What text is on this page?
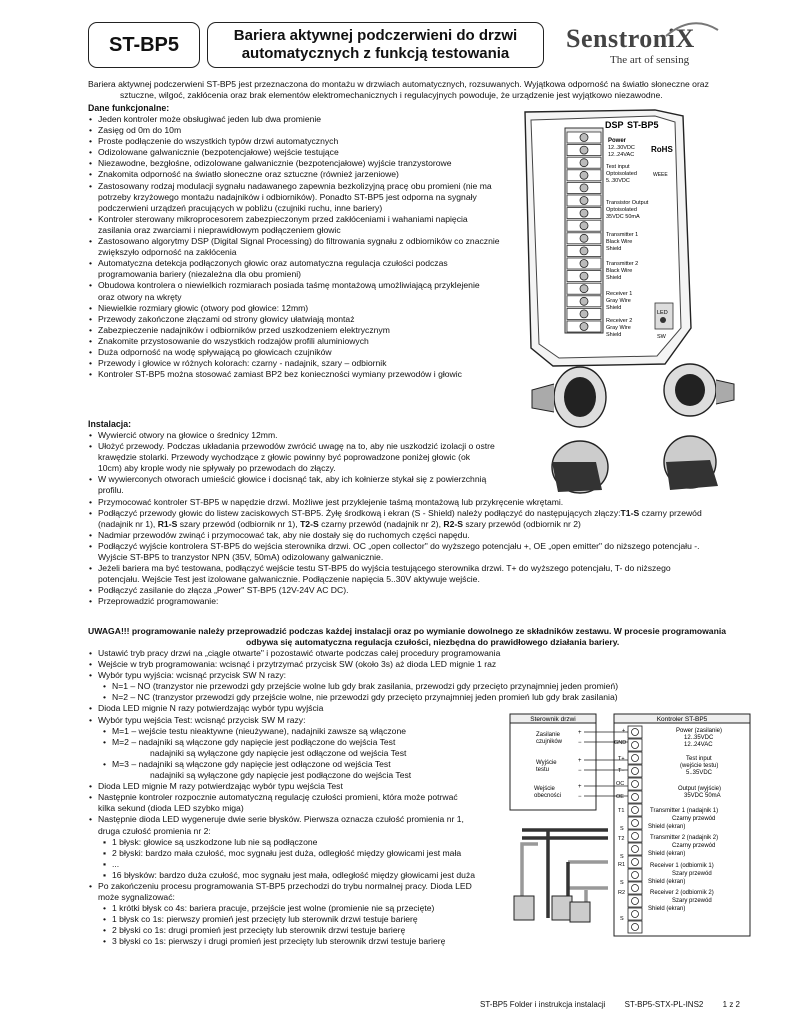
ST-BP5	Bariera aktywnej podczerwieni do drzwi
automatycznych z funkcją testowania
SenstroniX
The art of sensing
Bariera aktywnej podczerwieni ST-BP5 jest przeznaczona do montażu w drzwiach automatycznych, rozsuwanych. Wyjątkowa odporność na światło słoneczne oraz
sztuczne, wilgoć, zakłócenia oraz brak elementów elektromechanicznych i regulacyjnych powoduje, że urządzenie jest wyjątkowo niezawodne.
Dane funkcjonalne:
• Jeden kontroler może obsługiwać jeden lub dwa promienie
• Zasięg od 0m do 10m
• Proste podłączenie do wszystkich typów drzwi automatycznych
• Odizolowane galwanicznie (bezpotencjałowe) wejście testujące
• Niezawodne, bezgłośne, odizolowane galwanicznie (bezpotencjałowe) wyjście tranzystorowe
• Znakomita odporność na światło słoneczne oraz sztuczne (również jarzeniowe)
• Zastosowany rodzaj modulacji sygnału nadawanego zapewnia bezkolizyjną pracę obu promieni (nie ma
potrzeby krzyżowego montażu nadajników i odbiorników). Ponadto ST-BP5 jest odporna na sygnały
podczerwieni urządzeń pracujących w pobliżu (czujniki ruchu, inne bariery)
• Kontroler sterowany mikroprocesorem zabezpieczonym przed zakłóceniami i wahaniami napięcia
zasilania oraz zwarciami i nieprawidłowym podłączeniem głowic
• Zastosowano algorytmy DSP (Digital Signal Processing) do filtrowania sygnału z odbiorników co znacznie
zwiększyło odporność na zakłócenia
• Automatyczna detekcja podłączonych głowic oraz automatyczna regulacja czułości podczas
programowania bariery (niezależna dla obu promieni)
• Obudowa kontrolera o niewielkich rozmiarach posiada taśmę montażową umożliwiającą przyklejenie
oraz otwory na wkręty
• Niewielkie rozmiary głowic (otwory pod głowice: 12mm)
• Przewody zakończone złączami od strony głowicy ułatwiają montaż
• Zabezpieczenie nadajników i odbiorników przed uszkodzeniem elektrycznym
• Znakomite przystosowanie do wszystkich rodzajów profili aluminiowych
• Duża odporność na wodę spływającą po głowicach czujników
• Przewody i głowice w różnych kolorach: czarny - nadajnik, szary – odbiornik
• Kontroler ST-BP5 można stosować zamiast BP2 bez konieczności wymiany przewodów i głowic
Instalacja:
• Wywiercić otwory na głowice o średnicy 12mm.
• Ułożyć przewody. Podczas układania przewodów zwrócić uwagę na to, aby nie uszkodzić izolacji o ostre
krawędzie stolarki. Przewody wychodzące z głowic powinny być poprowadzone poniżej głowic (ok
10cm) aby krople wody nie spływały po przewodach do złączy.
• W wywierconych otworach umieścić głowice i docisnąć tak, aby ich kołnierze stykał się z powierzchnią
profilu.
• Przymocować kontroler ST-BP5 w napędzie drzwi. Możliwe jest przyklejenie taśmą montażową lub przykręcenie wkrętami.
• Podłączyć przewody głowic do listew zaciskowych ST-BP5. Żyłę środkową i ekran (S - Shield) należy podłączyć do następujących złączy:T1-S czarny przewód
(nadajnik nr 1), R1-S szary przewód (odbiornik nr 1), T2-S czarny przewód (nadajnik nr 2), R2-S szary przewód (odbiornik nr 2)
• Nadmiar przewodów zwinąć i przymocować tak, aby nie dostały się do ruchomych części napędu.
• Podłączyć wyjście kontrolera ST-BP5 do wejścia sterownika drzwi. OC „open collector" do wyższego potencjału +, OE „open emitter" do niższego potencjału -.
Wyjście ST-BP5 to tranzystor NPN (35V, 50mA) odizolowany galwanicznie.
• Jeżeli bariera ma być testowana, podłączyć wejście testu ST-BP5 do wyjścia testującego sterownika drzwi. T+ do wyższego potencjału, T- do niższego
potencjału. Wejście Test jest izolowane galwanicznie. Podłączenie napięcia 5..30V aktywuje wejście.
• Podłączyć zasilanie do złącza „Power" ST-BP5 (12V-24V AC DC).
• Przeprowadzić programowanie:
UWAGA!!! programowanie należy przeprowadzić podczas każdej instalacji oraz po wymianie dowolnego ze składników zestawu. W procesie programowania
odbywa się automatyczna regulacja czułości, niezbędna do prawidłowego działania bariery.
• Ustawić tryb pracy drzwi na „ciągle otwarte" i pozostawić otwarte podczas całej procedury programowania
• Wejście w tryb programowania: wcisnąć i przytrzymać przycisk SW (około 3s) aż dioda LED mignie 1 raz
• Wybór typu wyjścia: wcisnąć przycisk SW N razy:
• N=1 – NO (tranzystor nie przewodzi gdy przejście wolne lub gdy brak zasilania, przewodzi gdy przecięto przynajmniej jeden promień)
• N=2 – NC (tranzystor przewodzi gdy przejście wolne, nie przewodzi gdy przecięto przynajmniej jeden promień lub gdy brak zasilania)
• Dioda LED mignie N razy potwierdzając wybór typu wyjścia
• Wybór typu wejścia Test: wcisnąć przycisk SW M razy:
• M=1 – wejście testu nieaktywne (nieużywane), nadajniki zawsze są włączone
• M=2 – nadajniki są włączone gdy napięcie jest podłączone do wejścia Test
nadajniki są wyłączone gdy napięcie jest odłączone od wejścia Test
• M=3 – nadajniki są włączone gdy napięcie jest odłączone od wejścia Test
nadajniki są wyłączone gdy napięcie jest podłączone do wejścia Test
• Dioda LED mignie M razy potwierdzając wybór typu wejścia Test
• Następnie kontroler rozpocznie automatyczną regulację czułości promieni, która może potrwać
kilka sekund (dioda LED szybko miga)
• Następnie dioda LED wygeneruje dwie serie błysków. Pierwsza oznacza czułość promienia nr 1,
druga czułość promienia nr 2:
▪ 1 błysk: głowice są uszkodzone lub nie są podłączone
▪ 2 błyski: bardzo mała czułość, moc sygnału jest duża, odległość między głowicami jest mała
▪ ...
▪ 16 błysków: bardzo duża czułość, moc sygnału jest mała, odległość między głowicami jest duża
• Po zakończeniu procesu programowania ST-BP5 przechodzi do trybu normalnej pracy. Dioda LED
może sygnalizować:
• 1 krótki błysk co 4s: bariera pracuje, przejście jest wolne (promienie nie są przecięte)
• 1 błysk co 1s: pierwszy promień jest przecięty lub sterownik drzwi testuje barierę
• 2 błyski co 1s: drugi promień jest przecięty lub sterownik drzwi testuje barierę
• 3 błyski co 1s: pierwszy i drugi promień jest przecięty lub sterownik drzwi testuje barierę
DSP ST-BP5
Power
12..30VDC
12..24VAC
RoHS
Test input
Optoisolated
5..30VDC
WEEE
Transistor Output
Optoisolated
35VDC 50mA
Transmitter 1
Black Wire
Shield
Transmitter 2
Black Wire
Shield
Receiver 1
Gray Wire
Shield
Receiver 2
Gray Wire
Shield
LED
SW
Sterownik drzwi	Kontroler ST-BP5
Zasilanie
czujników
Wyjście
testu
Wejście
obecności
+
−
+
−
+
−
+
GND
T+
T−
OC
OE
T1
S
T2
S
R1
S
R2
S
Power (zasilanie)
12..35VDC
12..24VAC
Test input
(wejście testu)
5..35VDC
Output (wyjście)
35VDC 50mA
Transmitter 1 (nadajnik 1)
Czarny przewód
Shield (ekran)
Transmitter 2 (nadajnik 2)
Czarny przewód
Shield (ekran)
Receiver 1 (odbiornik 1)
Szary przewód
Shield (ekran)
Receiver 2 (odbiornik 2)
Szary przewód
Shield (ekran)
ST-BP5 Folder i instrukcja instalacji ST-BP5-STX-PL-INS2 1 z 2
